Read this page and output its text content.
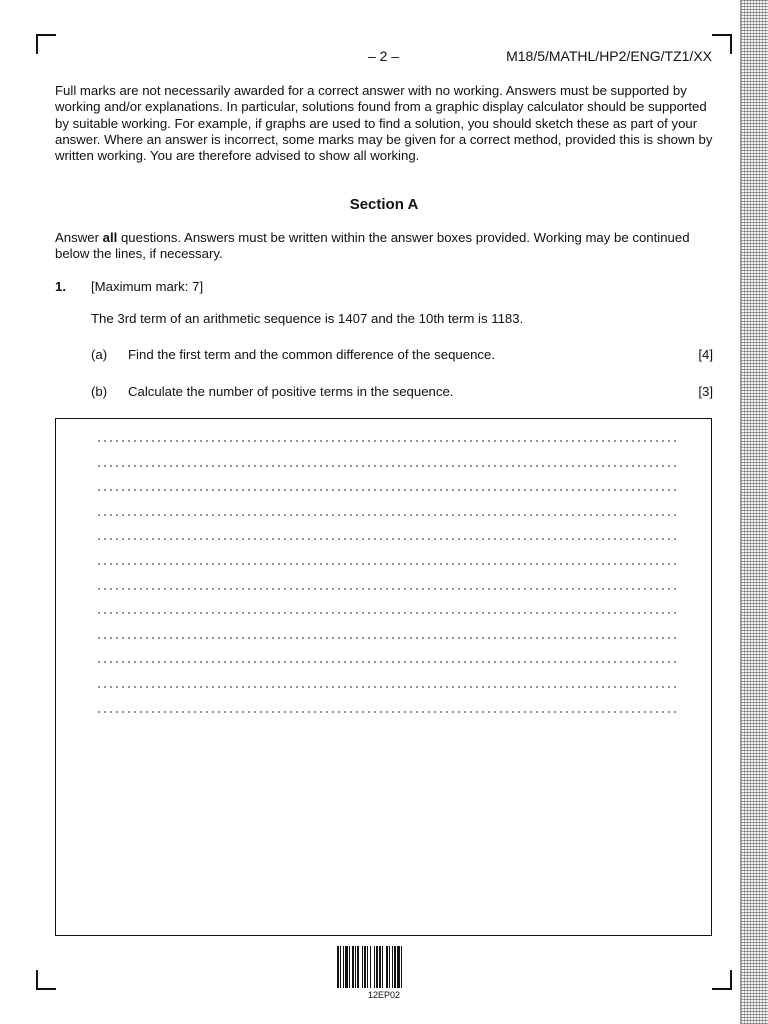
– 2 –	M18/5/MATHL/HP2/ENG/TZ1/XX

Full marks are not necessarily awarded for a correct answer with no working. Answers must be supported by working and/or explanations. In particular, solutions found from a graphic display calculator should be supported by suitable working. For example, if graphs are used to find a solution, you should sketch these as part of your answer. Where an answer is incorrect, some marks may be given for a correct method, provided this is shown by written working. You are therefore advised to show all working.

Section A

Answer all questions. Answers must be written within the answer boxes provided. Working may be continued below the lines, if necessary.

1. [Maximum mark: 7]
The 3rd term of an arithmetic sequence is 1407 and the 10th term is 1183.
(a) Find the first term and the common difference of the sequence.	[4]
(b) Calculate the number of positive terms in the sequence.	[3]
12EP02
